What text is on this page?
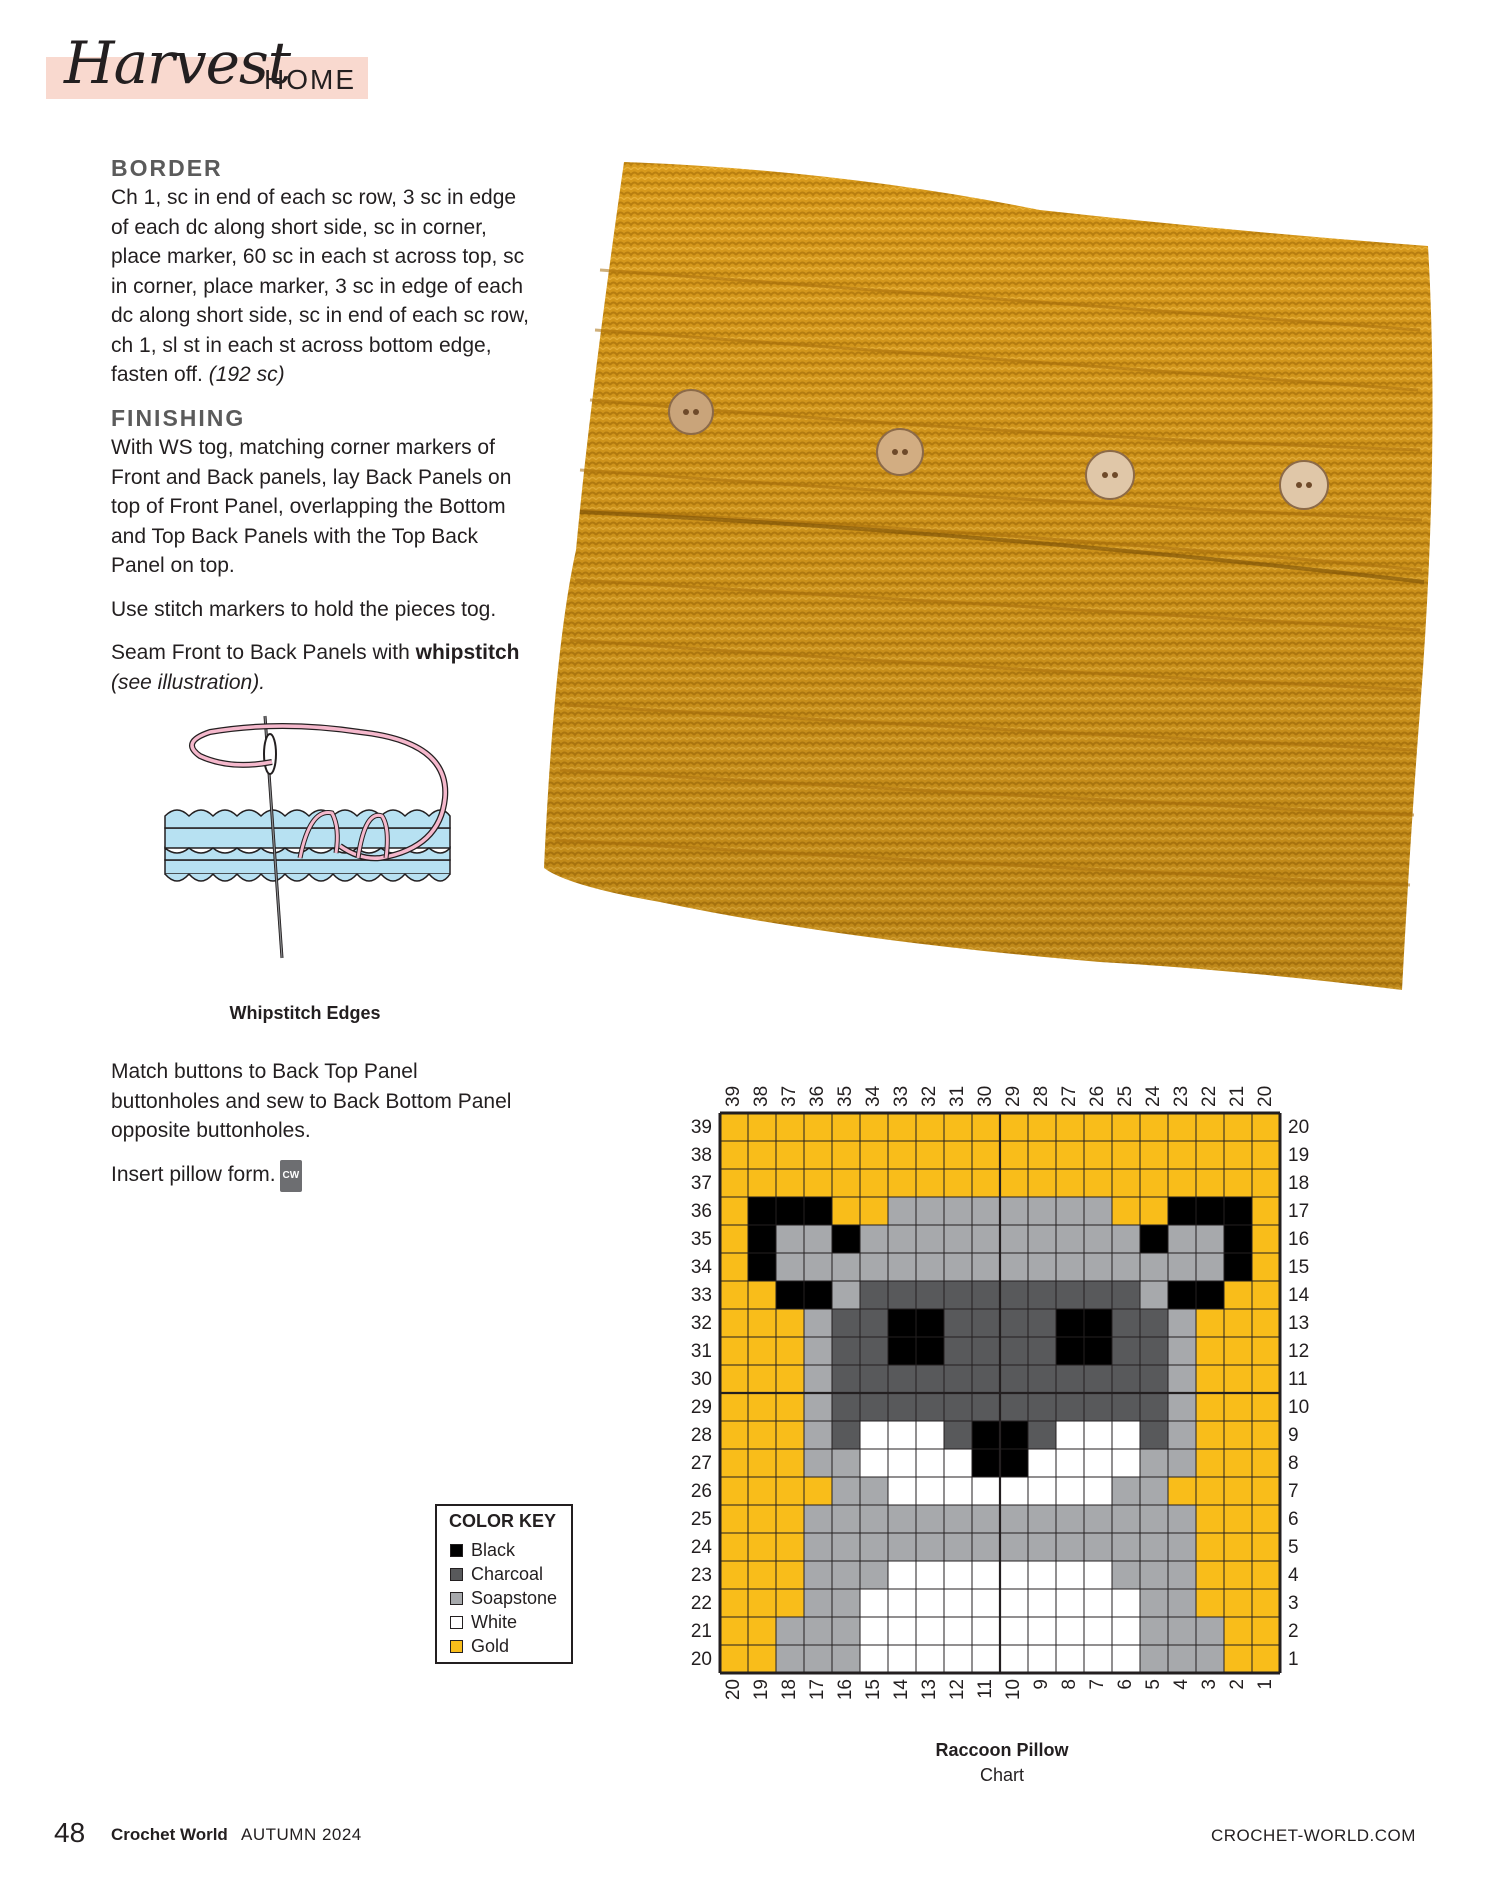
Harvest
HOME
BORDER
Ch 1, sc in end of each sc row, 3 sc in edge of each dc along short side, sc in corner, place marker, 60 sc in each st across top, sc in corner, place marker, 3 sc in edge of each dc along short side, sc in end of each sc row, ch 1, sl st in each st across bottom edge, fasten off. (192 sc)
FINISHING
With WS tog, matching corner markers of Front and Back panels, lay Back Panels on top of Front Panel, overlapping the Bottom and Top Back Panels with the Top Back Panel on top.
Use stitch markers to hold the pieces tog.
Seam Front to Back Panels with whipstitch (see illustration).
Match buttons to Back Top Panel buttonholes and sew to Back Bottom Panel opposite buttonholes.
Insert pillow form. CW
Whipstitch Edges
COLOR KEY
Black
Charcoal
Soapstone
White
Gold
39 38 37 36 35 34 33 32 31 30 29 28 27 26 25 24 23 22 21 20
20 19 18 17 16 15 14 13 12 11 10 9 8 7 6 5 4 3 2 1
39
38
37
36
35
34
33
32
31
30
29
28
27
26
25
24
23
22
21
20
20
19
18
17
16
15
14
13
12
11
10
9
8
7
6
5
4
3
2
1
Raccoon Pillow
Chart
48 Crochet World AUTUMN 2024	CROCHET-WORLD.COM
